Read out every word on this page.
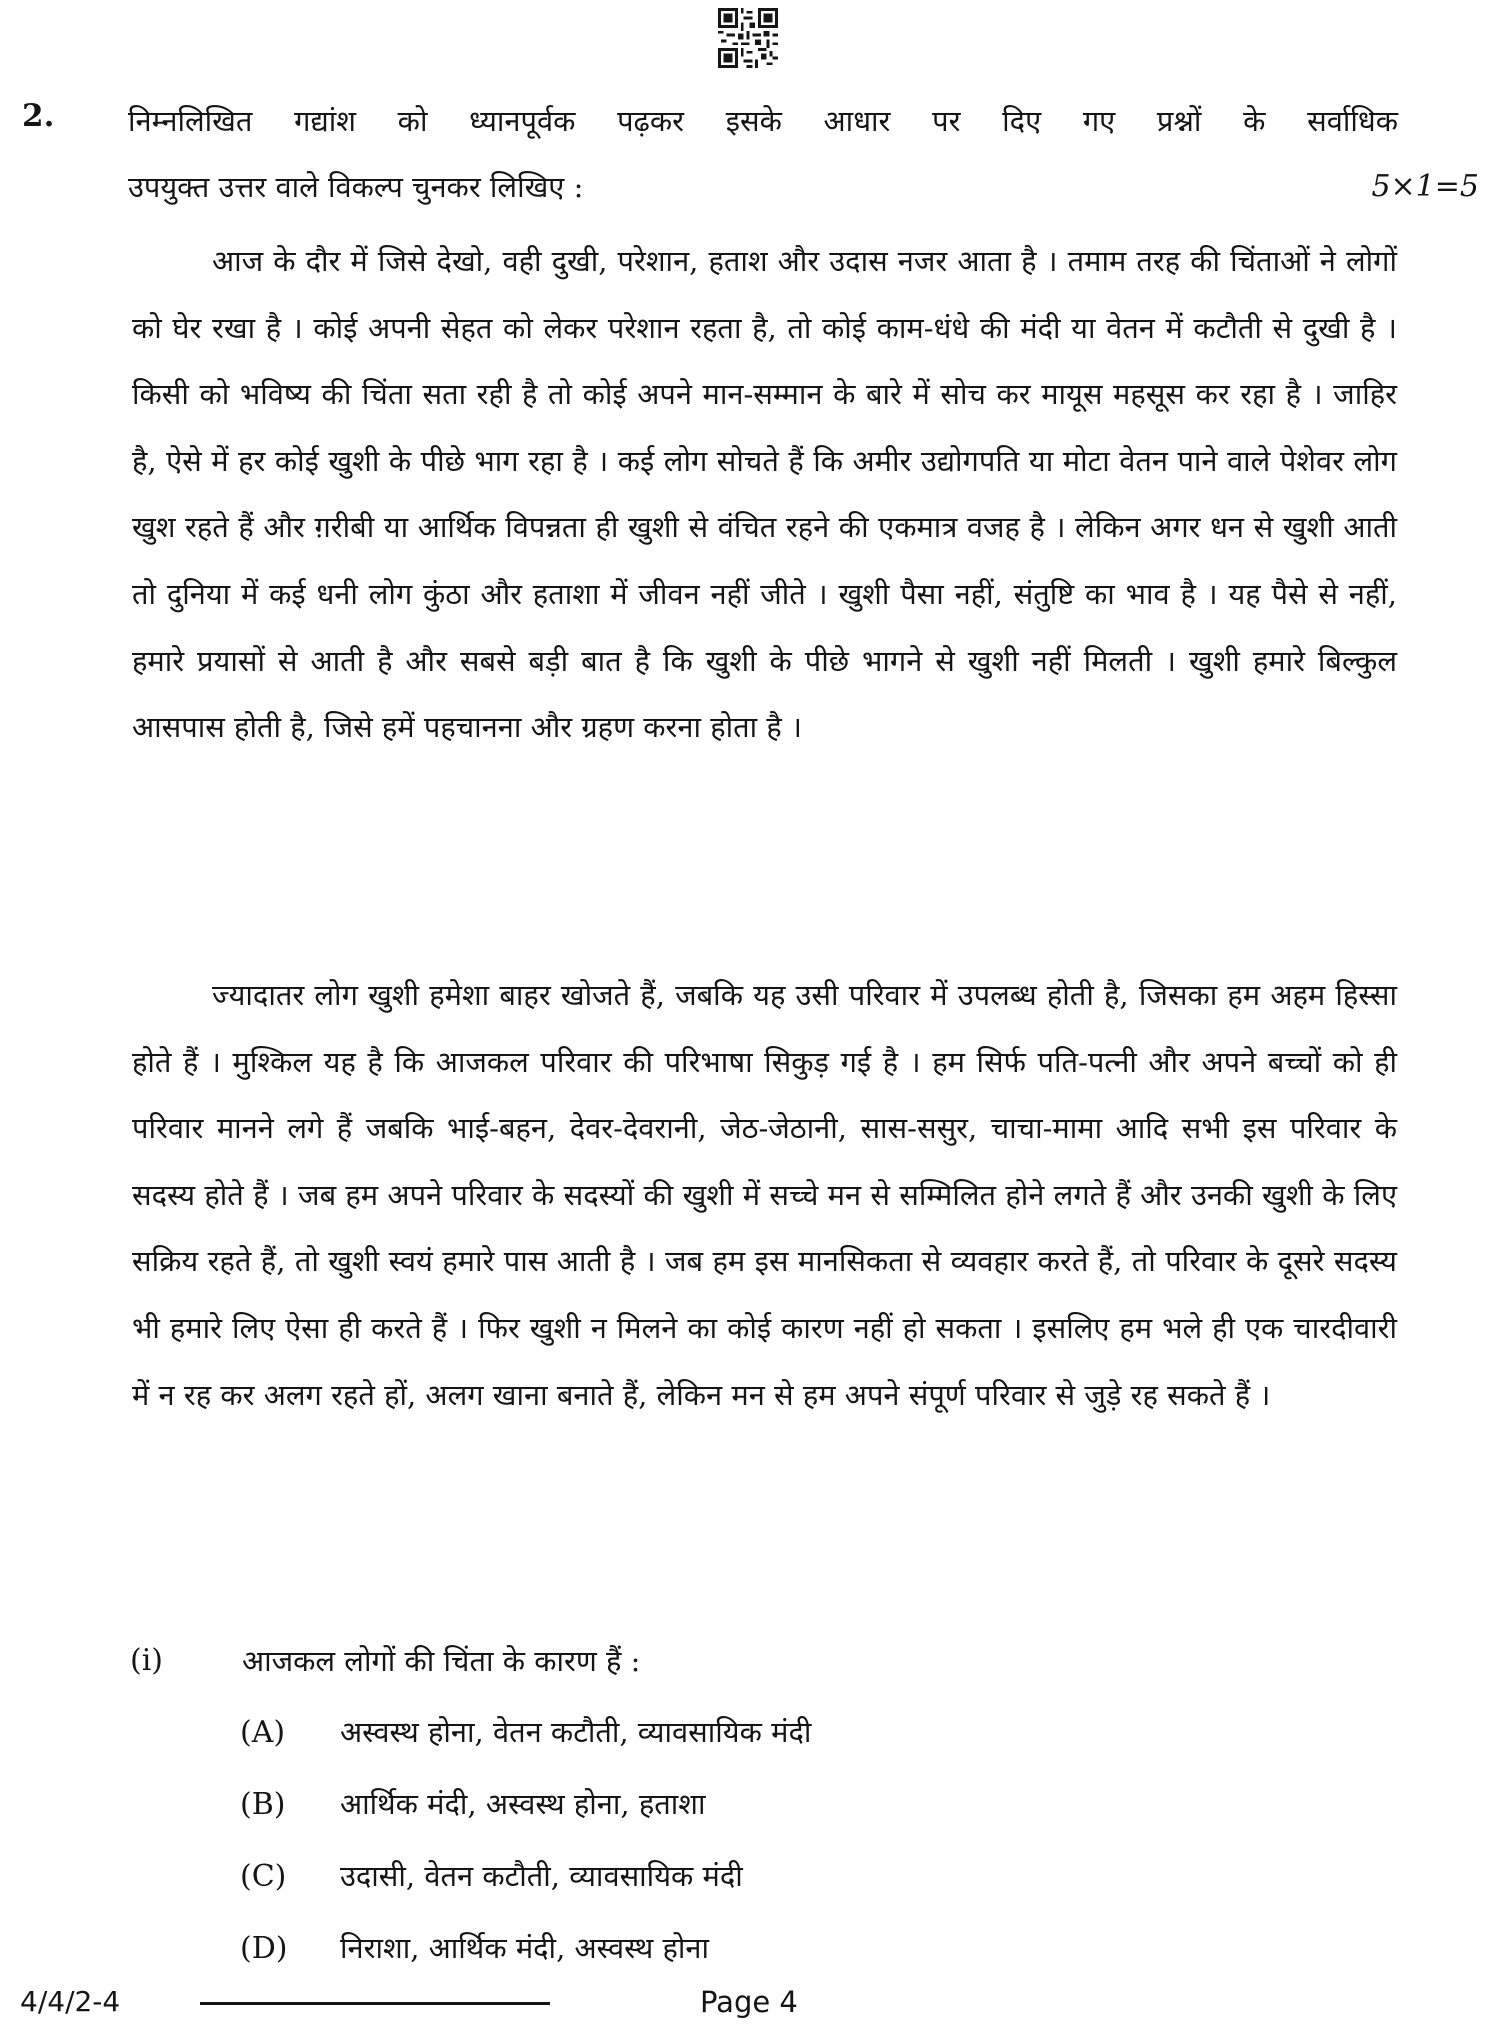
2.	निम्नलिखित गद्यांश को ध्यानपूर्वक पढ़कर इसके आधार पर दिए गए प्रश्नों के सर्वाधिक
उपयुक्त उत्तर वाले विकल्प चुनकर लिखिए :	5×1=5

आज के दौर में जिसे देखो, वही दुखी, परेशान, हताश और उदास नजर आता है । तमाम तरह की चिंताओं ने लोगों को घेर रखा है । कोई अपनी सेहत को लेकर परेशान रहता है, तो कोई काम-धंधे की मंदी या वेतन में कटौती से दुखी है । किसी को भविष्य की चिंता सता रही है तो कोई अपने मान-सम्मान के बारे में सोच कर मायूस महसूस कर रहा है । जाहिर है, ऐसे में हर कोई खुशी के पीछे भाग रहा है । कई लोग सोचते हैं कि अमीर उद्योगपति या मोटा वेतन पाने वाले पेशेवर लोग खुश रहते हैं और ग़रीबी या आर्थिक विपन्नता ही खुशी से वंचित रहने की एकमात्र वजह है । लेकिन अगर धन से खुशी आती तो दुनिया में कई धनी लोग कुंठा और हताशा में जीवन नहीं जीते । खुशी पैसा नहीं, संतुष्टि का भाव है । यह पैसे से नहीं, हमारे प्रयासों से आती है और सबसे बड़ी बात है कि खुशी के पीछे भागने से खुशी नहीं मिलती । खुशी हमारे बिल्कुल आसपास होती है, जिसे हमें पहचानना और ग्रहण करना होता है ।

ज्यादातर लोग खुशी हमेशा बाहर खोजते हैं, जबकि यह उसी परिवार में उपलब्ध होती है, जिसका हम अहम हिस्सा होते हैं । मुश्किल यह है कि आजकल परिवार की परिभाषा सिकुड़ गई है । हम सिर्फ पति-पत्नी और अपने बच्चों को ही परिवार मानने लगे हैं जबकि भाई-बहन, देवर-देवरानी, जेठ-जेठानी, सास-ससुर, चाचा-मामा आदि सभी इस परिवार के सदस्य होते हैं । जब हम अपने परिवार के सदस्यों की खुशी में सच्चे मन से सम्मिलित होने लगते हैं और उनकी खुशी के लिए सक्रिय रहते हैं, तो खुशी स्वयं हमारे पास आती है । जब हम इस मानसिकता से व्यवहार करते हैं, तो परिवार के दूसरे सदस्य भी हमारे लिए ऐसा ही करते हैं । फिर खुशी न मिलने का कोई कारण नहीं हो सकता । इसलिए हम भले ही एक चारदीवारी में न रह कर अलग रहते हों, अलग खाना बनाते हैं, लेकिन मन से हम अपने संपूर्ण परिवार से जुड़े रह सकते हैं ।

(i)	आजकल लोगों की चिंता के कारण हैं :
(A)	अस्वस्थ होना, वेतन कटौती, व्यावसायिक मंदी
(B)	आर्थिक मंदी, अस्वस्थ होना, हताशा
(C)	उदासी, वेतन कटौती, व्यावसायिक मंदी
(D)	निराशा, आर्थिक मंदी, अस्वस्थ होना
4/4/2-4	Page 4
